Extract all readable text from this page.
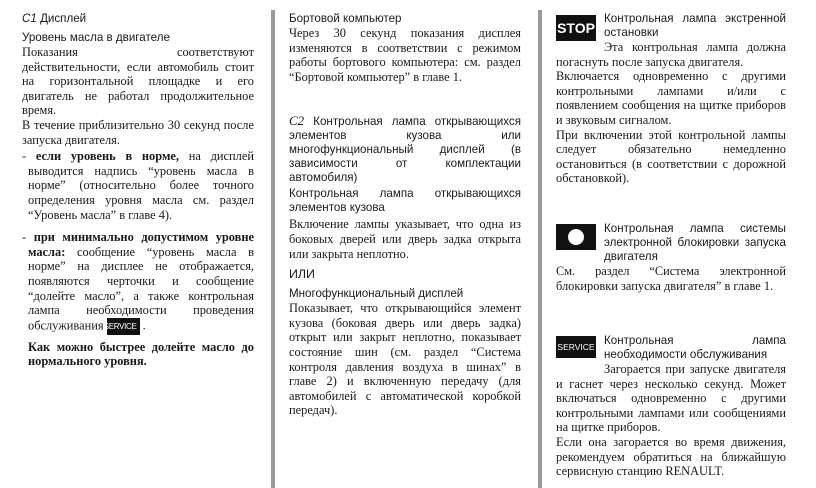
C1 Дисплей

Уровень масла в двигателе

Показания соответствуют действительности, если автомобиль стоит на горизонтальной площадке и его двигатель не работал продолжительное время.

В течение приблизительно 30 секунд после запуска двигателя.

- если уровень в норме, на дисплей выводится надпись “уровень масла в норме” (относительно более точного определения уровня масла см. раздел “Уровень масла” в главе 4).

- при минимально допустимом уровне масла: сообщение “уровень масла в норме” на дисплее не отображается, появляются черточки и сообщение “долейте масло”, а также контрольная лампа необходимости проведения обслуживания SERVICE .

Как можно быстрее долейте масло до нормального уровня.

Бортовой компьютер

Через 30 секунд показания дисплея изменяются в соответствии с режимом работы бортового компьютера: см. раздел “Бортовой компьютер” в главе 1.

C2 Контрольная лампа открывающихся элементов кузова или многофункциональный дисплей (в зависимости от комплектации автомобиля)

Контрольная лампа открывающихся элементов кузова

Включение лампы указывает, что одна из боковых дверей или дверь задка открыта или закрыта неплотно.

ИЛИ

Многофункциональный дисплей

Показывает, что открывающийся элемент кузова (боковая дверь или дверь задка) открыт или закрыт неплотно, показывает состояние шин (см. раздел “Система контроля давления воздуха в шинах” в главе 2) и включенную передачу (для автомобилей с автоматической коробкой передач).

STOP

Контрольная лампа экстренной остановки

Эта контрольная лампа должна погаснуть после запуска двигателя.

Включается одновременно с другими контрольными лампами и/или с появлением сообщения на щитке приборов и звуковым сигналом.

При включении этой контрольной лампы следует обязательно немедленно остановиться (в соответствии с дорожной обстановкой).

Контрольная лампа системы электронной блокировки запуска двигателя

См. раздел “Система электронной блокировки запуска двигателя” в главе 1.

SERVICE Контрольная лампа необходимости обслуживания

Загорается при запуске двигателя и гаснет через несколько секунд. Может включаться одновременно с другими контрольными лампами или сообщениями на щитке приборов.

Если она загорается во время движения, рекомендуем обратиться на ближайшую сервисную станцию RENAULT.
